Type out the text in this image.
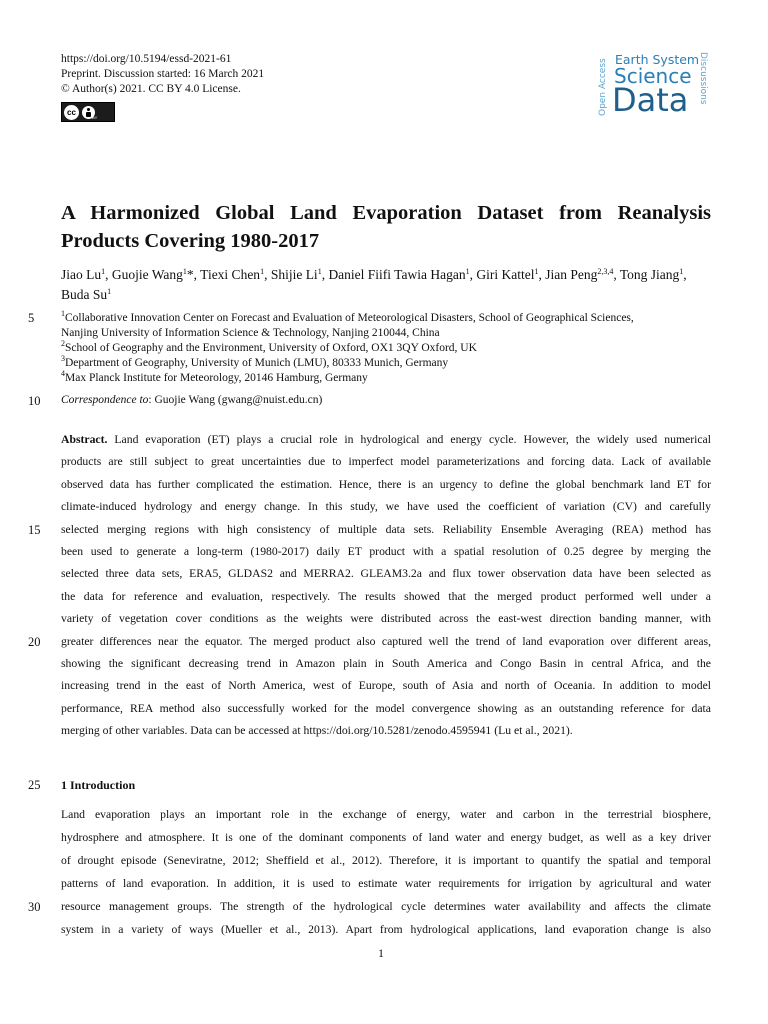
https://doi.org/10.5194/essd-2021-61
Preprint. Discussion started: 16 March 2021
© Author(s) 2021. CC BY 4.0 License.
cc
BY
Open Access Earth System
Science
Data Discussions
A Harmonized Global Land Evaporation Dataset from Reanalysis Products Covering 1980-2017
Jiao Lu$^1$, Guojie Wang$^1$*, Tiexi Chen$^1$, Shijie Li$^1$, Daniel Fiifi Tawia Hagan$^1$, Giri Kattel$^1$, Jian Peng$^{2,3,4}$, Tong Jiang$^1$, Buda Su$^1$
$^1$Collaborative Innovation Center on Forecast and Evaluation of Meteorological Disasters, School of Geographical Sciences,
5
Nanjing University of Information Science & Technology, Nanjing 210044, China
$^2$School of Geography and the Environment, University of Oxford, OX1 3QY Oxford, UK
$^3$Department of Geography, University of Munich (LMU), 80333 Munich, Germany
$^4$Max Planck Institute for Meteorology, 20146 Hamburg, Germany
10	Correspondence to: Guojie Wang (gwang@nuist.edu.cn)
Abstract. Land evaporation (ET) plays a crucial role in hydrological and energy cycle. However, the widely used numerical
products are still subject to great uncertainties due to imperfect model parameterizations and forcing data. Lack of available
observed data has further complicated the estimation. Hence, there is an urgency to define the global benchmark land ET for
climate-induced hydrology and energy change. In this study, we have used the coefficient of variation (CV) and carefully
selected merging regions with high consistency of multiple data sets. Reliability Ensemble Averaging (REA) method has
15
been used to generate a long-term (1980-2017) daily ET product with a spatial resolution of 0.25 degree by merging the
selected three data sets, ERA5, GLDAS2 and MERRA2. GLEAM3.2a and flux tower observation data have been selected as
the data for reference and evaluation, respectively. The results showed that the merged product performed well under a
variety of vegetation cover conditions as the weights were distributed across the east-west direction banding manner, with
greater differences near the equator. The merged product also captured well the trend of land evaporation over different areas,
20
showing the significant decreasing trend in Amazon plain in South America and Congo Basin in central Africa, and the
increasing trend in the east of North America, west of Europe, south of Asia and north of Oceania. In addition to model
performance, REA method also successfully worked for the model convergence showing as an outstanding reference for data
merging of other variables. Data can be accessed at https://doi.org/10.5281/zenodo.4595941 (Lu et al., 2021).
25	1 Introduction
Land evaporation plays an important role in the exchange of energy, water and carbon in the terrestrial biosphere,
hydrosphere and atmosphere. It is one of the dominant components of land water and energy budget, as well as a key driver
of drought episode (Seneviratne, 2012; Sheffield et al., 2012). Therefore, it is important to quantify the spatial and temporal
patterns of land evaporation. In addition, it is used to estimate water requirements for irrigation by agricultural and water
resource management groups. The strength of the hydrological cycle determines water availability and affects the climate
30
system in a variety of ways (Mueller et al., 2013). Apart from hydrological applications, land evaporation change is also
1
